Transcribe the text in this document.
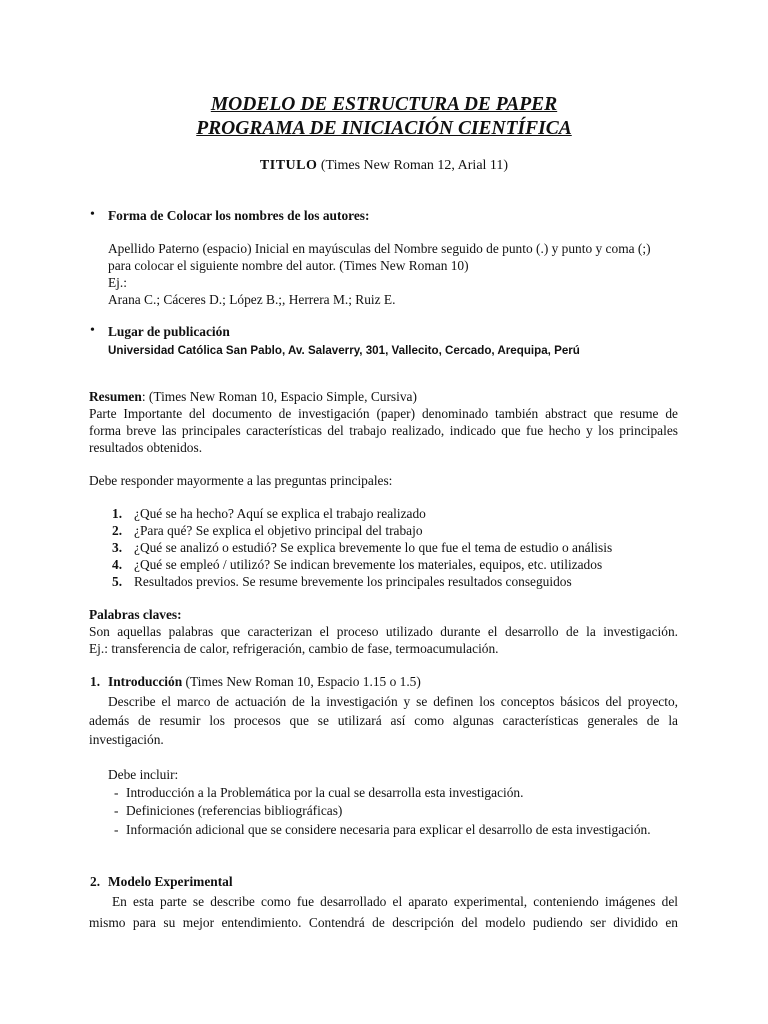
MODELO DE ESTRUCTURA DE PAPER
PROGRAMA DE INICIACIÓN CIENTÍFICA
TITULO (Times New Roman 12, Arial 11)
• Forma de Colocar los nombres de los autores:
Apellido Paterno (espacio) Inicial en mayúsculas del Nombre seguido de punto (.) y punto y coma (;)
para colocar el siguiente nombre del autor. (Times New Roman 10)
Ej.:
Arana C.; Cáceres D.; López B.;, Herrera M.; Ruiz E.
• Lugar de publicación
Universidad Católica San Pablo, Av. Salaverry, 301, Vallecito, Cercado, Arequipa, Perú
Resumen: (Times New Roman 10, Espacio Simple, Cursiva)
Parte Importante del documento de investigación (paper) denominado también abstract que resume de
forma breve las principales características del trabajo realizado, indicado que fue hecho y los principales
resultados obtenidos.
Debe responder mayormente a las preguntas principales:
1. ¿Qué se ha hecho? Aquí se explica el trabajo realizado
2. ¿Para qué? Se explica el objetivo principal del trabajo
3. ¿Qué se analizó o estudió? Se explica brevemente lo que fue el tema de estudio o análisis
4. ¿Qué se empleó / utilizó? Se indican brevemente los materiales, equipos, etc. utilizados
5. Resultados previos. Se resume brevemente los principales resultados conseguidos
Palabras claves:
Son aquellas palabras que caracterizan el proceso utilizado durante el desarrollo de la investigación.
Ej.: transferencia de calor, refrigeración, cambio de fase, termoacumulación.
1. Introducción (Times New Roman 10, Espacio 1.15 o 1.5)
Describe el marco de actuación de la investigación y se definen los conceptos básicos del proyecto,
además de resumir los procesos que se utilizará así como algunas características generales de la
investigación.
Debe incluir:
- Introducción a la Problemática por la cual se desarrolla esta investigación.
- Definiciones (referencias bibliográficas)
- Información adicional que se considere necesaria para explicar el desarrollo de esta investigación.
2. Modelo Experimental
En esta parte se describe como fue desarrollado el aparato experimental, conteniendo imágenes del
mismo para su mejor entendimiento. Contendrá de descripción del modelo pudiendo ser dividido en
